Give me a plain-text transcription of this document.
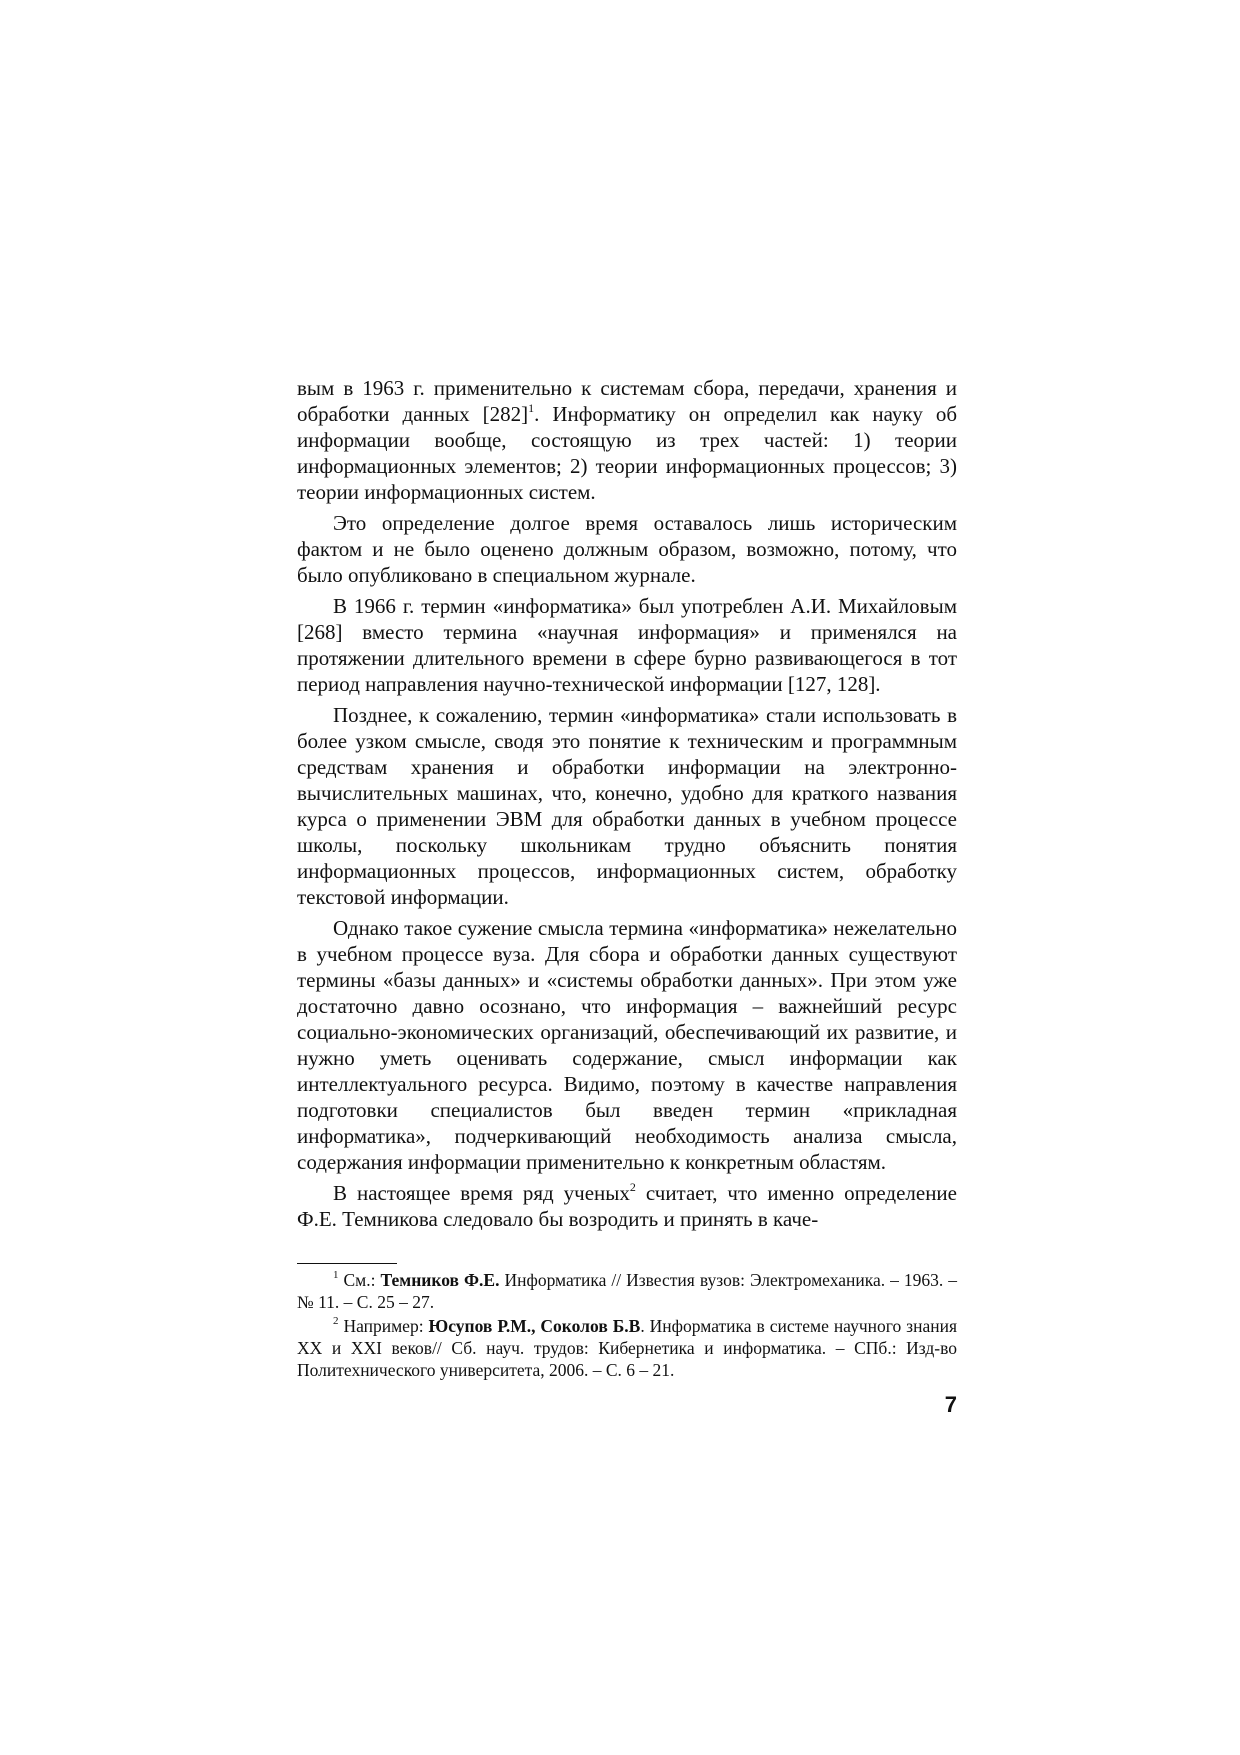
вым в 1963 г. применительно к системам сбора, передачи, хранения и обработки данных $[282]^1$. Информатику он определил как науку об информации вообще, состоящую из трех частей: 1) теории информационных элементов; 2) теории информационных процессов; 3) теории информационных систем.

Это определение долгое время оставалось лишь историческим фактом и не было оценено должным образом, возможно, потому, что было опубликовано в специальном журнале.

В 1966 г. термин «информатика» был употреблен А.И. Михайловым [268] вместо термина «научная информация» и применялся на протяжении длительного времени в сфере бурно развивающегося в тот период направления научно-технической информации [127, 128].

Позднее, к сожалению, термин «информатика» стали использовать в более узком смысле, сводя это понятие к техническим и программным средствам хранения и обработки информации на электронно-вычислительных машинах, что, конечно, удобно для краткого названия курса о применении ЭВМ для обработки данных в учебном процессе школы, поскольку школьникам трудно объяснить понятия информационных процессов, информационных систем, обработку текстовой информации.

Однако такое сужение смысла термина «информатика» нежелательно в учебном процессе вуза. Для сбора и обработки данных существуют термины «базы данных» и «системы обработки данных». При этом уже достаточно давно осознано, что информация – важнейший ресурс социально-экономических организаций, обеспечивающий их развитие, и нужно уметь оценивать содержание, смысл информации как интеллектуального ресурса. Видимо, поэтому в качестве направления подготовки специалистов был введен термин «прикладная информатика», подчеркивающий необходимость анализа смысла, содержания информации применительно к конкретным областям.

В настоящее время ряд ученых$^2$ считает, что именно определение Ф.Е. Темникова следовало бы возродить и принять в каче-

$^1$ См.: Темников Ф.Е. Информатика // Известия вузов: Электромеханика. – 1963. – № 11. – С. 25 – 27.

$^2$ Например: Юсупов Р.М., Соколов Б.В. Информатика в системе научного знания XX и XXI веков// Сб. науч. трудов: Кибернетика и информатика. – СПб.: Изд-во Политехнического университета, 2006. – С. 6 – 21.

7
